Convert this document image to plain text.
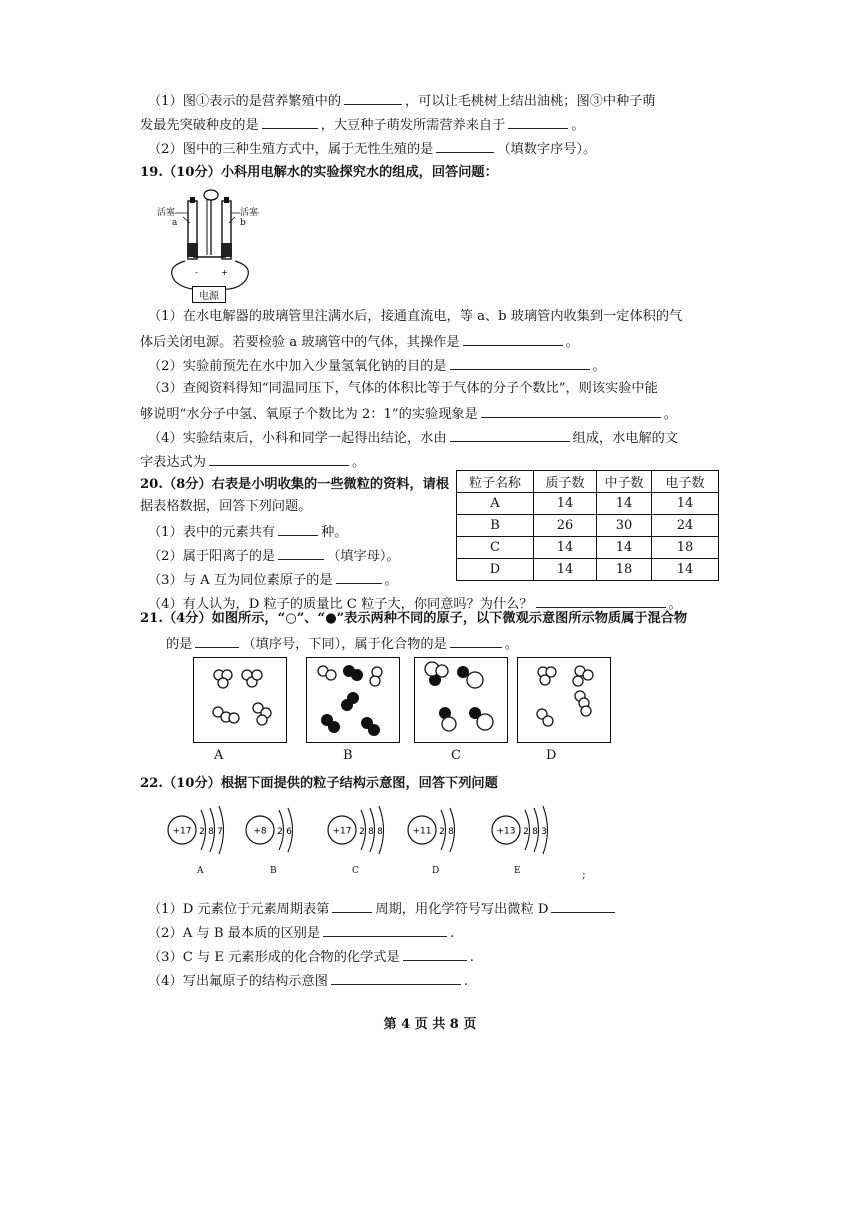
（1）图①表示的是营养繁殖中的	，可以让毛桃树上结出油桃；图③中种子萌
发最先突破种皮的是	，大豆种子萌发所需营养来自于	。
（2）图中的三种生殖方式中，属于无性生殖的是	（填数字序号）。
19.（10分）小科用电解水的实验探究水的组成，回答问题：
-	+
活塞	活塞
a	b
电源
（1）在水电解器的玻璃管里注满水后，接通直流电，等 a、b 玻璃管内收集到一定体积的气
体后关闭电源。若要检验 a 玻璃管中的气体，其操作是	。
（2）实验前预先在水中加入少量氢氧化钠的目的是	。
（3）查阅资料得知“同温同压下，气体的体积比等于气体的分子个数比”，则该实验中能
够说明“水分子中氢、氧原子个数比为 2：1”的实验现象是	。
（4）实验结束后，小科和同学一起得出结论，水由	组成，水电解的文
字表达式为	。
20.（8分）右表是小明收集的一些微粒的资料，请根
据表格数据，回答下列问题。
（1）表中的元素共有	种。
（2）属于阳离子的是	（填字母）。
（3）与 A 互为同位素原子的是	。
（4）有人认为，D 粒子的质量比 C 粒子大，你同意吗？为什么？	。
粒子名称	质子数	中子数	电子数
A	14	14	14
B	26	30	24
C	14	14	18
D	14	18	14
21.（4分）如图所示，“○”、“●”表示两种不同的原子，以下微观示意图所示物质属于混合物
的是	（填序号，下同），属于化合物的是	。
A	B	C	D
22.（10分）根据下面提供的粒子结构示意图，回答下列问题
+17 2 8 7	+8 2 6	+17 2 8 8	+11 2 8	+13 2 8 3
A	B	C	D	E	;
（1）D 元素位于元素周期表第	周期，用化学符号写出微粒 D
（2）A 与 B 最本质的区别是	.
（3）C 与 E 元素形成的化合物的化学式是	.
（4）写出氟原子的结构示意图	.
第 4 页 共 8 页
